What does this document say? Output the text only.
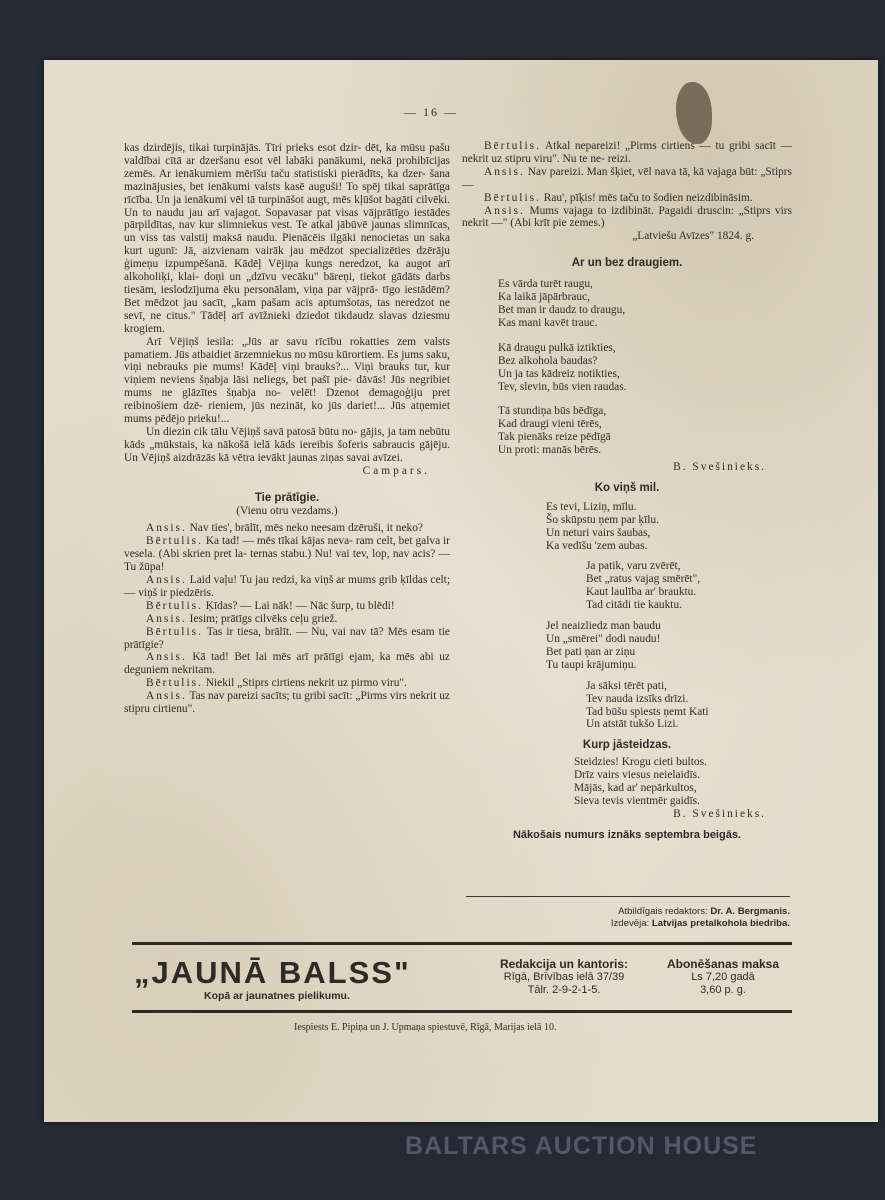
— 16 —

kas dzirdējis, tikai turpinājās. Tīri prieks esot dzir- dēt, ka mūsu pašu valdībai cītā ar dzeršanu esot vēl labāki panākumi, nekā prohibīcijas zemēs. Ar ienākumiem mērīšu taču statistiski pierādīts, ka dzer- šana mazinājusies, bet ienākumi valsts kasē auguši! To spēj tikai saprātīga rīcība. Un ja ienākumi vēl tā turpināšot augt, mēs kļūšot bagāti cilvēki. Un to naudu jau arī vajagot. Sopavasar pat visas vājprātīgo iestādes pārpildītas, nav kur slimniekus vest. Te atkal jābūvē jaunas slimnīcas, un viss tas valstij maksā naudu. Pienācēis ilgāki nenocietas un saka kurt ugunī: Jā, aizvienam vairāk jau mēdzot specializēties dzērāju ģimeņu izpumpēšanā. Kādēļ Vējiņa kungs neredzot, ka augot arī alkoholiķi, klai- doņi un „dzīvu vecāku" bāreņi, tiekot gādāts darbs tiesām, ieslodzījuma ēku personālam, viņa par vājprā- tīgo iestādēm? Bet mēdzot jau sacīt, „kam pašam acis aptumšotas, tas neredzot ne sevī, ne citus." Tādēļ arī avīžnieki dziedot tikdaudz slavas dziesmu krogiem.

Arī Vējiņš iesila: „Jūs ar savu rīcību rokatties zem valsts pamatiem. Jūs atbaidiet ārzemniekus no mūsu kūrortiem. Es jums saku, viņi nebrauks pie mums! Kādēļ viņi brauks?... Viņi brauks tur, kur viņiem neviens šņabja lāsi neliegs, bet pašī pie- dāvās! Jūs negribiet mums ne glāzītes šņabja no- velēt! Dzenot demagoģiju pret reibinošiem dzē- rieniem, jūs nezināt, ko jūs dariet!... Jūs atņemiet mums pēdējo prieku!...

Un diezin cik tālu Vējiņš savā patosā būtu no- gājis, ja tam nebūtu kāds „mūkstais, ka nākošā ielā kāds iereibis šoferis sabraucis gājēju. Un Vējiņš aizdrāzās kā vētra ievākt jaunas ziņas savai avīzei.

Campars.

Tie prātīgie.
(Vienu otru vezdams.)

Ansis. Nav ties', brālīt, mēs neko neesam dzēruši, it neko?

Bērtulis. Ka tad! — mēs tīkai kājas neva- ram celt, bet galva ir vesela. (Abi skrien pret la- ternas stabu.) Nu! vai tev, lop, nav acis? — Tu žūpa!

Ansis. Laid vaļu! Tu jau redzi, ka viņš ar mums grib ķīldas celt; — viņš ir piedzēris.

Bērtulis. Ķīdas? — Lai nāk! — Nāc šurp, tu blēdi!

Ansis. Iesim; prātīgs cilvēks ceļu griež.

Bērtulis. Tas ir tiesa, brālīt. — Nu, vai nav tā? Mēs esam tie prātīgie?

Ansis. Kā tad! Bet lai mēs arī prātīgi ejam, ka mēs abi uz deguniem nekritam.

Bērtulis. Niekil „Stiprs cirtiens nekrit uz pirmo viru".

Ansis. Tas nav pareizi sacīts; tu gribi sacīt: „Pirms virs nekrit uz stipru cirtienu".

Bērtulis. Atkal nepareizi! „Pirms cirtiens — tu gribi sacīt — nekrit uz stipru viru". Nu te ne- reizi.

Ansis. Nav pareizi. Man šķiet, vēl nava tā, kā vajaga būt: „Stiprs —

Bērtulis. Rau', pīķis! mēs taču to šodien neizdibināsim.

Ansis. Mums vajaga to izdibināt. Pagaidi druscin: „Stiprs virs nekrit —" (Abi krīt pie zemes.)

„Latviešu Avīzes" 1824. g.

Ar un bez draugiem.
Es vārda turēt raugu,
Ka laikā jāpārbrauc,
Bet man ir daudz to draugu,
Kas mani kavēt trauc.
Kā draugu pulkā iztikties,
Bez alkohola baudas?
Un ja tas kādreiz notikties,
Tev, slevin, būs vien raudas.
Tā stundiņa būs bēdīga,
Kad draugi vieni tērēs,
Tak pienāks reize pēdīgā
Un proti: manās bērēs.

B. Svešinieks.

Ko viņš mil.
Es tevi, Liziņ, mīlu.
Šo skūpstu ņem par ķīlu.
Un neturi vairs šaubas,
Ka vedīšu 'zem aubas.
Ja patik, varu zvērēt,
Bet „ratus vajag smērēt",
Kaut laulība ar' brauktu.
Tad citādi tie kauktu.
Jel neaizliedz man baudu
Un „smērei" dodi naudu!
Bet pati ņan ar ziņu
Tu taupi krājumiņu.
Ja sāksi tērēt pati,
Tev nauda izsīks drīzi.
Tad būšu spiests ņemt Kati
Un atstāt tukšo Lizi.
Kurp jāsteidzas.
Steidzies! Krogu cieti bultos.
Drīz vairs viesus neielaidīs.
Mājās, kad ar' nepārkultos,
Sieva tevis vientmēr gaidīs.

B. Svešinieks.

Nākošais numurs iznāks septembra beigās.

Atbildīgais redaktors: Dr. A. Bergmanis.
Izdevēja: Latvijas pretalkohola biedrība.
„JAUNĀ BALSS"
Kopā ar jaunatnes pielikumu.
Redakcija un kantoris:
Rīgā, Brīvības ielā 37/39
Tālr. 2-9-2-1-5.
Abonēšanas maksa
Ls 7,20 gadā
3,60 p. g.
Iespiests E. Pipiņa un J. Upmaņa spiestuvē, Rīgā, Marijas ielā 10.
BALTARS AUCTION HOUSE
